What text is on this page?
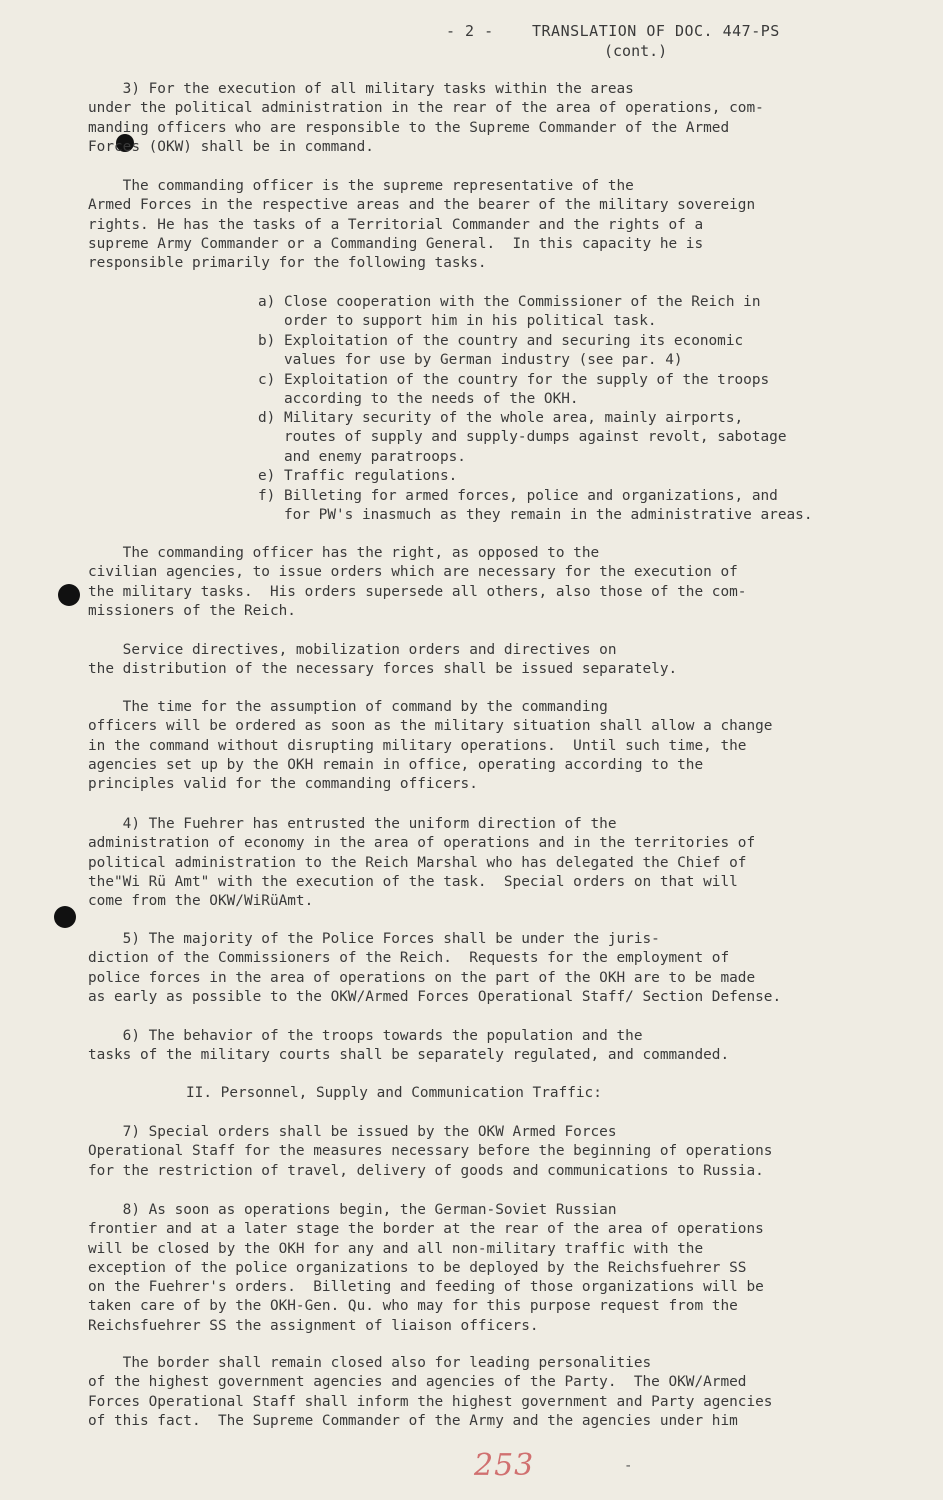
- 2 -	TRANSLATION OF DOC. 447-PS
(cont.)

3) For the execution of all military tasks within the areas
under the political administration in the rear of the area of operations, com-
manding officers who are responsible to the Supreme Commander of the Armed
Forces (OKW) shall be in command.

The commanding officer is the supreme representative of the
Armed Forces in the respective areas and the bearer of the military sovereign
rights. He has the tasks of a Territorial Commander and the rights of a
supreme Army Commander or a Commanding General.  In this capacity he is
responsible primarily for the following tasks.

a) Close cooperation with the Commissioner of the Reich in
order to support him in his political task.

b) Exploitation of the country and securing its economic
values for use by German industry (see par. 4)

c) Exploitation of the country for the supply of the troops
according to the needs of the OKH.

d) Military security of the whole area, mainly airports,
routes of supply and supply-dumps against revolt, sabotage
and enemy paratroops.

e) Traffic regulations.

f) Billeting for armed forces, police and organizations, and
for PW's inasmuch as they remain in the administrative areas.

The commanding officer has the right, as opposed to the
civilian agencies, to issue orders which are necessary for the execution of
the military tasks.  His orders supersede all others, also those of the com-
missioners of the Reich.

Service directives, mobilization orders and directives on
the distribution of the necessary forces shall be issued separately.

The time for the assumption of command by the commanding
officers will be ordered as soon as the military situation shall allow a change
in the command without disrupting military operations.  Until such time, the
agencies set up by the OKH remain in office, operating according to the
principles valid for the commanding officers.

4) The Fuehrer has entrusted the uniform direction of the
administration of economy in the area of operations and in the territories of
political administration to the Reich Marshal who has delegated the Chief of
the"Wi Rü Amt" with the execution of the task.  Special orders on that will
come from the OKW/WiRüAmt.

5) The majority of the Police Forces shall be under the juris-
diction of the Commissioners of the Reich.  Requests for the employment of
police forces in the area of operations on the part of the OKH are to be made
as early as possible to the OKW/Armed Forces Operational Staff/ Section Defense.

6) The behavior of the troops towards the population and the
tasks of the military courts shall be separately regulated, and commanded.

II. Personnel, Supply and Communication Traffic:

7) Special orders shall be issued by the OKW Armed Forces
Operational Staff for the measures necessary before the beginning of operations
for the restriction of travel, delivery of goods and communications to Russia.

8) As soon as operations begin, the German-Soviet Russian
frontier and at a later stage the border at the rear of the area of operations
will be closed by the OKH for any and all non-military traffic with the
exception of the police organizations to be deployed by the Reichsfuehrer SS
on the Fuehrer's orders.  Billeting and feeding of those organizations will be
taken care of by the OKH-Gen. Qu. who may for this purpose request from the
Reichsfuehrer SS the assignment of liaison officers.

The border shall remain closed also for leading personalities
of the highest government agencies and agencies of the Party.  The OKW/Armed
Forces Operational Staff shall inform the highest government and Party agencies
of this fact.  The Supreme Commander of the Army and the agencies under him

253	-
